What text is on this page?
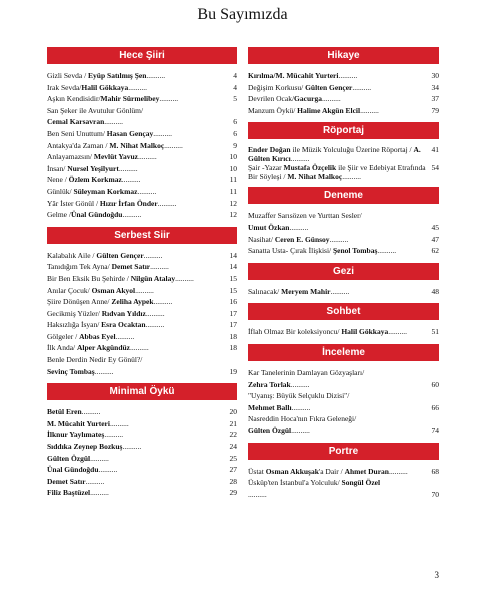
Bu Sayımızda
Hece Şiiri
4
Gizli Sevda / Eyüp Satılmış Şen..........
4
Irak Sevda/Halil Gökkaya..........
5
Aşkın Kendisidir/Mahir Sürmelibey..........
San Şeker ile Avutulur Gönlüm/
6
Cemal Karsavran..........
6
Ben Seni Unuttum/ Hasan Gençay..........
9
Antakya'da Zaman / M. Nihat Malkoç..........
10
Anlayamazsın/ Mevlüt Yavuz..........
10
İnsan/ Nursel Yeşilyurt..........
11
Nene / Özlem Korkmaz..........
11
Günlük/ Süleyman Korkmaz..........
12
Yâr İster Gönül / Hızır İrfan Önder..........
12
Gelme /Ünal Gündoğdu..........
Serbest Siir
14
Kalabalık Aile / Gülten Gençer..........
14
Tanıdığım Tek Ayna/ Demet Satır..........
15
Bir Ben Eksik Bu Şehirde / Nilgün Atalay..........
15
Anılar Çocuk/ Osman Akyol..........
16
Şiire Dönüşen Anne/ Zeliha Aypek..........
17
Gecikmiş Yüzler/ Rıdvan Yıldız..........
17
Haksızlığa İsyan/ Esra Ocaktan..........
18
Gölgeler / Abbas Eyel..........
18
İlk Anda/ Alper Akgündüz..........
Benle Derdin Nedir Ey Gönül?/
19
Sevinç Tombaş..........
Minimal Öykü
20
Betül Eren..........
21
M. Mücahit Yurteri..........
22
İlknur Yaylımateş..........
24
Sıddıka Zeynep Bozkuş..........
25
Gülten Özgül..........
27
Ünal Gündoğdu..........
28
Demet Satır..........
29
Filiz Baştüzel..........
Hikaye
30
Kırılma/M. Mücahit Yurteri..........
34
Değişim Korkusu/ Gülten Gençer..........
37
Devrilen Ocak/Gacurga..........
79
Manzum Öykü/ Halime Akgün Elcil..........
Röportaj
41
Ender Doğan ile Müzik Yolculuğu Üzerine Röportaj / A. Gülten Kırıcı..........
54
Şair -Yazar Mustafa Özçelik ile Şiir ve Edebiyat Etrafında Bir Söyleşi / M. Nihat Malkoç..........
Deneme
Muzaffer Sarısözen ve Yurttan Sesler/
45
Umut Özkan..........
47
Nasihat/ Ceren E. Günsoy..........
62
Sanatta Usta- Çırak İlişkisi/ Şenol Tombaş..........
Gezi
48
Salınacak/ Meryem Mahir..........
Sohbet
51
İflah Olmaz Bir koleksiyoncu/ Halil Gökkaya..........
İnceleme
Kar Tanelerinin Damlayan Gözyaşları/
60
Zehra Torlak..........
"Uyanış: Büyük Selçuklu Dizisi"/
66
Mehmet Ballı..........
Nasreddin Hoca'nın Fıkra Geleneği/
74
Gülten Özgül..........
Portre
68
Üstat Osman Akkuşak'a Dair / Ahmet Duran..........
Üsküp'ten İstanbul'a Yolculuk/ Songül Özel
70
..........
3
